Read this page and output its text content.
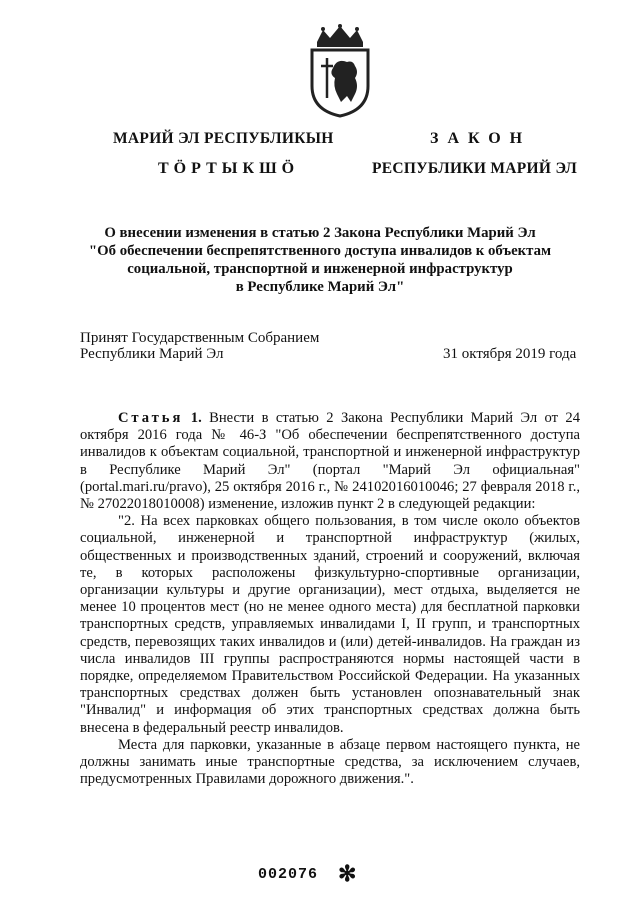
МАРИЙ ЭЛ РЕСПУБЛИКЫН
ТӦРТЫКШӦ
ЗАКОН
РЕСПУБЛИКИ МАРИЙ ЭЛ
О внесении изменения в статью 2 Закона Республики Марий Эл
"Об обеспечении беспрепятственного доступа инвалидов к объектам
социальной, транспортной и инженерной инфраструктур
в Республике Марий Эл"
Принят Государственным Собранием
Республики Марий Эл	31 октября 2019 года

Статья 1. Внести в статью 2 Закона Республики Марий Эл от 24 октября 2016 года № 46-З "Об обеспечении беспрепятственного доступа инвалидов к объектам социальной, транспортной и инженерной инфраструктур в Республике Марий Эл" (портал "Марий Эл официальная" (portal.mari.ru/pravo), 25 октября 2016 г., № 24102016010046; 27 февраля 2018 г., № 27022018010008) изменение, изложив пункт 2 в следующей редакции:

"2. На всех парковках общего пользования, в том числе около объектов социальной, инженерной и транспортной инфраструктур (жилых, общественных и производственных зданий, строений и сооружений, включая те, в которых расположены физкультурно-спортивные организации, организации культуры и другие организации), мест отдыха, выделяется не менее 10 процентов мест (но не менее одного места) для бесплатной парковки транспортных средств, управляемых инвалидами I, II групп, и транспортных средств, перевозящих таких инвалидов и (или) детей-инвалидов. На граждан из числа инвалидов III группы распространяются нормы настоящей части в порядке, определяемом Правительством Российской Федерации. На указанных транспортных средствах должен быть установлен опознавательный знак "Инвалид" и информация об этих транспортных средствах должна быть внесена в федеральный реестр инвалидов.

Места для парковки, указанные в абзаце первом настоящего пункта, не должны занимать иные транспортные средства, за исключением случаев, предусмотренных Правилами дорожного движения.".

002076 ✻
